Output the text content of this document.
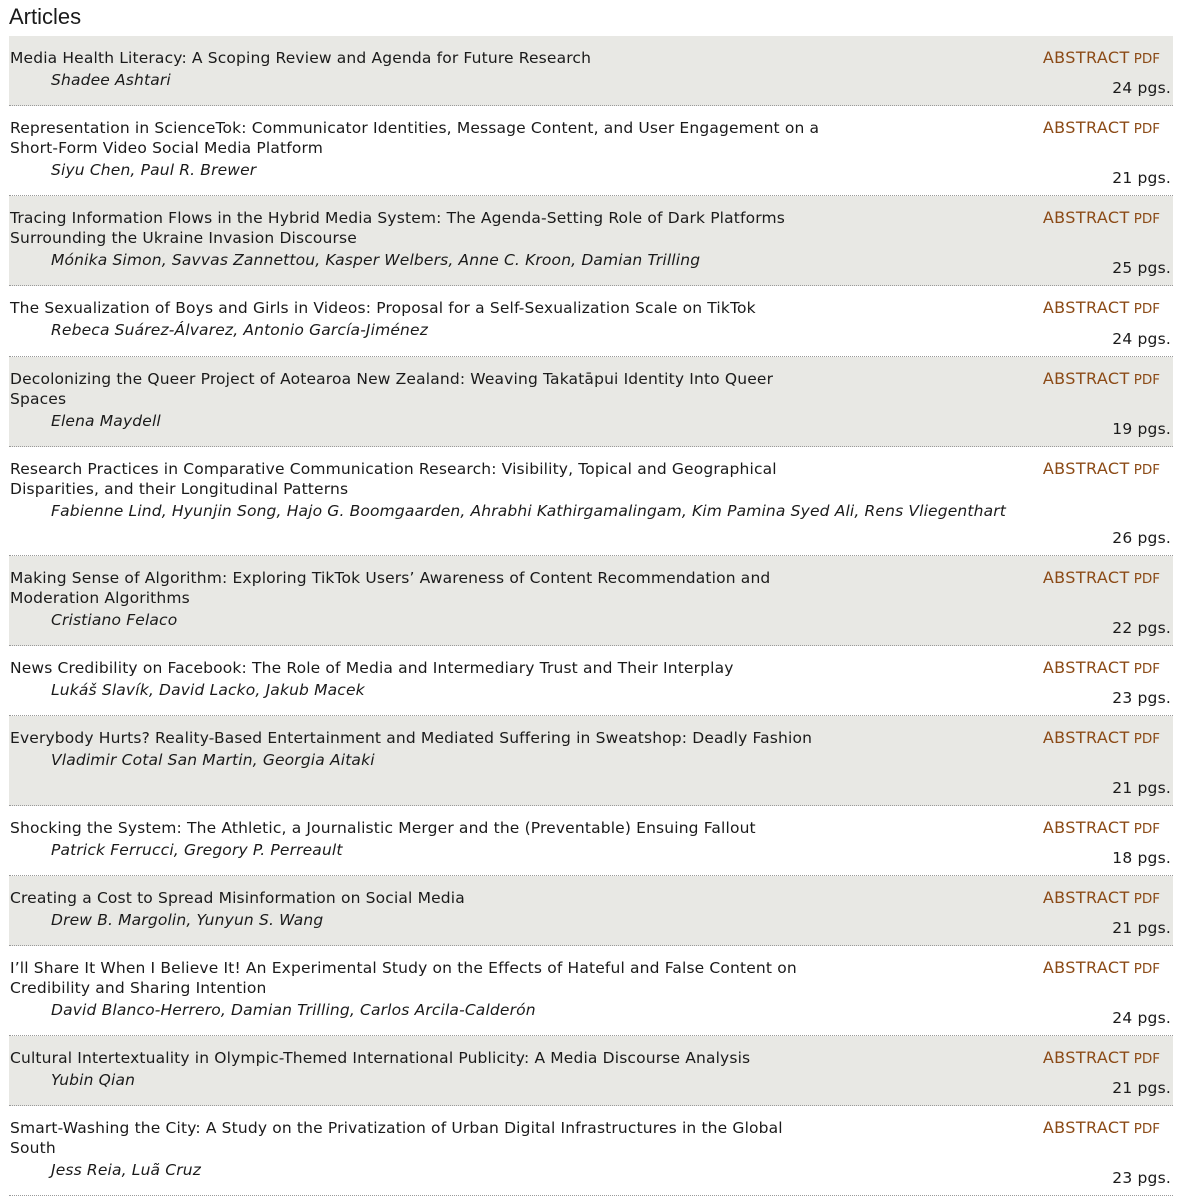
Articles
Media Health Literacy: A Scoping Review and Agenda for Future Research
Shadee Ashtari
ABSTRACT PDF
24 pgs.
Representation in ScienceTok: Communicator Identities, Message Content, and User Engagement on a Short-Form Video Social Media Platform
Siyu Chen, Paul R. Brewer
ABSTRACT PDF
21 pgs.
Tracing Information Flows in the Hybrid Media System: The Agenda-Setting Role of Dark Platforms Surrounding the Ukraine Invasion Discourse
Mónika Simon, Savvas Zannettou, Kasper Welbers, Anne C. Kroon, Damian Trilling
ABSTRACT PDF
25 pgs.
The Sexualization of Boys and Girls in Videos: Proposal for a Self-Sexualization Scale on TikTok
Rebeca Suárez-Álvarez, Antonio García-Jiménez
ABSTRACT PDF
24 pgs.
Decolonizing the Queer Project of Aotearoa New Zealand: Weaving Takatāpui Identity Into Queer Spaces
Elena Maydell
ABSTRACT PDF
19 pgs.
Research Practices in Comparative Communication Research: Visibility, Topical and Geographical Disparities, and their Longitudinal Patterns
Fabienne Lind, Hyunjin Song, Hajo G. Boomgaarden, Ahrabhi Kathirgamalingam, Kim Pamina Syed Ali, Rens Vliegenthart
ABSTRACT PDF
26 pgs.
Making Sense of Algorithm: Exploring TikTok Users’ Awareness of Content Recommendation and Moderation Algorithms
Cristiano Felaco
ABSTRACT PDF
22 pgs.
News Credibility on Facebook: The Role of Media and Intermediary Trust and Their Interplay
Lukáš Slavík, David Lacko, Jakub Macek
ABSTRACT PDF
23 pgs.
Everybody Hurts? Reality-Based Entertainment and Mediated Suffering in Sweatshop: Deadly Fashion
Vladimir Cotal San Martin, Georgia Aitaki
ABSTRACT PDF
21 pgs.
Shocking the System: The Athletic, a Journalistic Merger and the (Preventable) Ensuing Fallout
Patrick Ferrucci, Gregory P. Perreault
ABSTRACT PDF
18 pgs.
Creating a Cost to Spread Misinformation on Social Media
Drew B. Margolin, Yunyun S. Wang
ABSTRACT PDF
21 pgs.
I’ll Share It When I Believe It! An Experimental Study on the Effects of Hateful and False Content on Credibility and Sharing Intention
David Blanco-Herrero, Damian Trilling, Carlos Arcila-Calderón
ABSTRACT PDF
24 pgs.
Cultural Intertextuality in Olympic-Themed International Publicity: A Media Discourse Analysis
Yubin Qian
ABSTRACT PDF
21 pgs.
Smart-Washing the City: A Study on the Privatization of Urban Digital Infrastructures in the Global South
Jess Reia, Luã Cruz
ABSTRACT PDF
23 pgs.
